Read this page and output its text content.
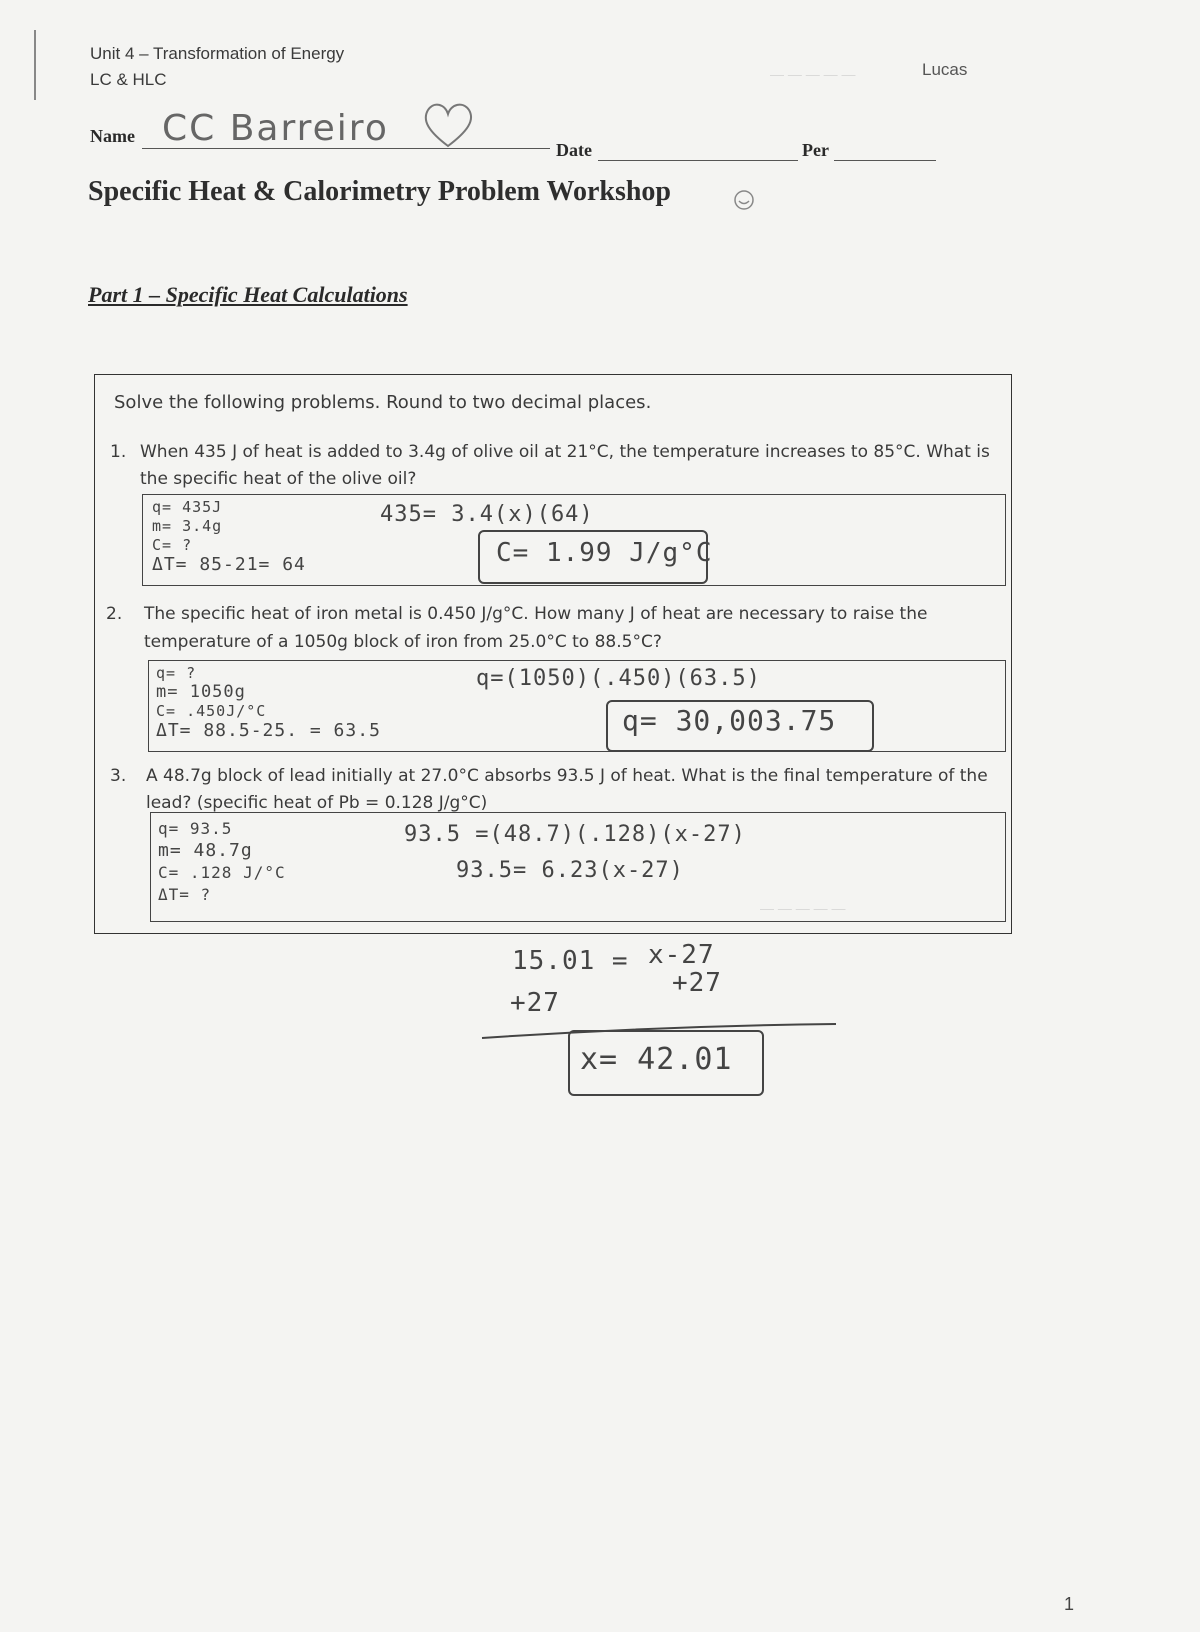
— — — — —
— — — — —
Unit 4 – Transformation of Energy
LC & HLC
Lucas
Name CC Barreiro
Date	Per
Specific Heat & Calorimetry Problem Workshop
Part 1 – Specific Heat Calculations
Solve the following problems. Round to two decimal places.
1. When 435 J of heat is added to 3.4g of olive oil at 21°C, the temperature increases to 85°C. What is
the specific heat of the olive oil?
q= 435J
m= 3.4g
C= ?
ΔT= 85-21= 64
435= 3.4(x)(64)
C= 1.99 J/g°C
2. The specific heat of iron metal is 0.450 J/g°C. How many J of heat are necessary to raise the
temperature of a 1050g block of iron from 25.0°C to 88.5°C?
q= ?
m= 1050g
C= .450J/°C
ΔT= 88.5-25. = 63.5
q=(1050)(.450)(63.5)
q= 30,003.75
3. A 48.7g block of lead initially at 27.0°C absorbs 93.5 J of heat. What is the final temperature of the
lead? (specific heat of Pb = 0.128 J/g°C)
q= 93.5
m= 48.7g
C= .128 J/°C
ΔT= ?
93.5 =(48.7)(.128)(x-27)
93.5= 6.23(x-27)
15.01 = x-27
+27
+27
x= 42.01
1
